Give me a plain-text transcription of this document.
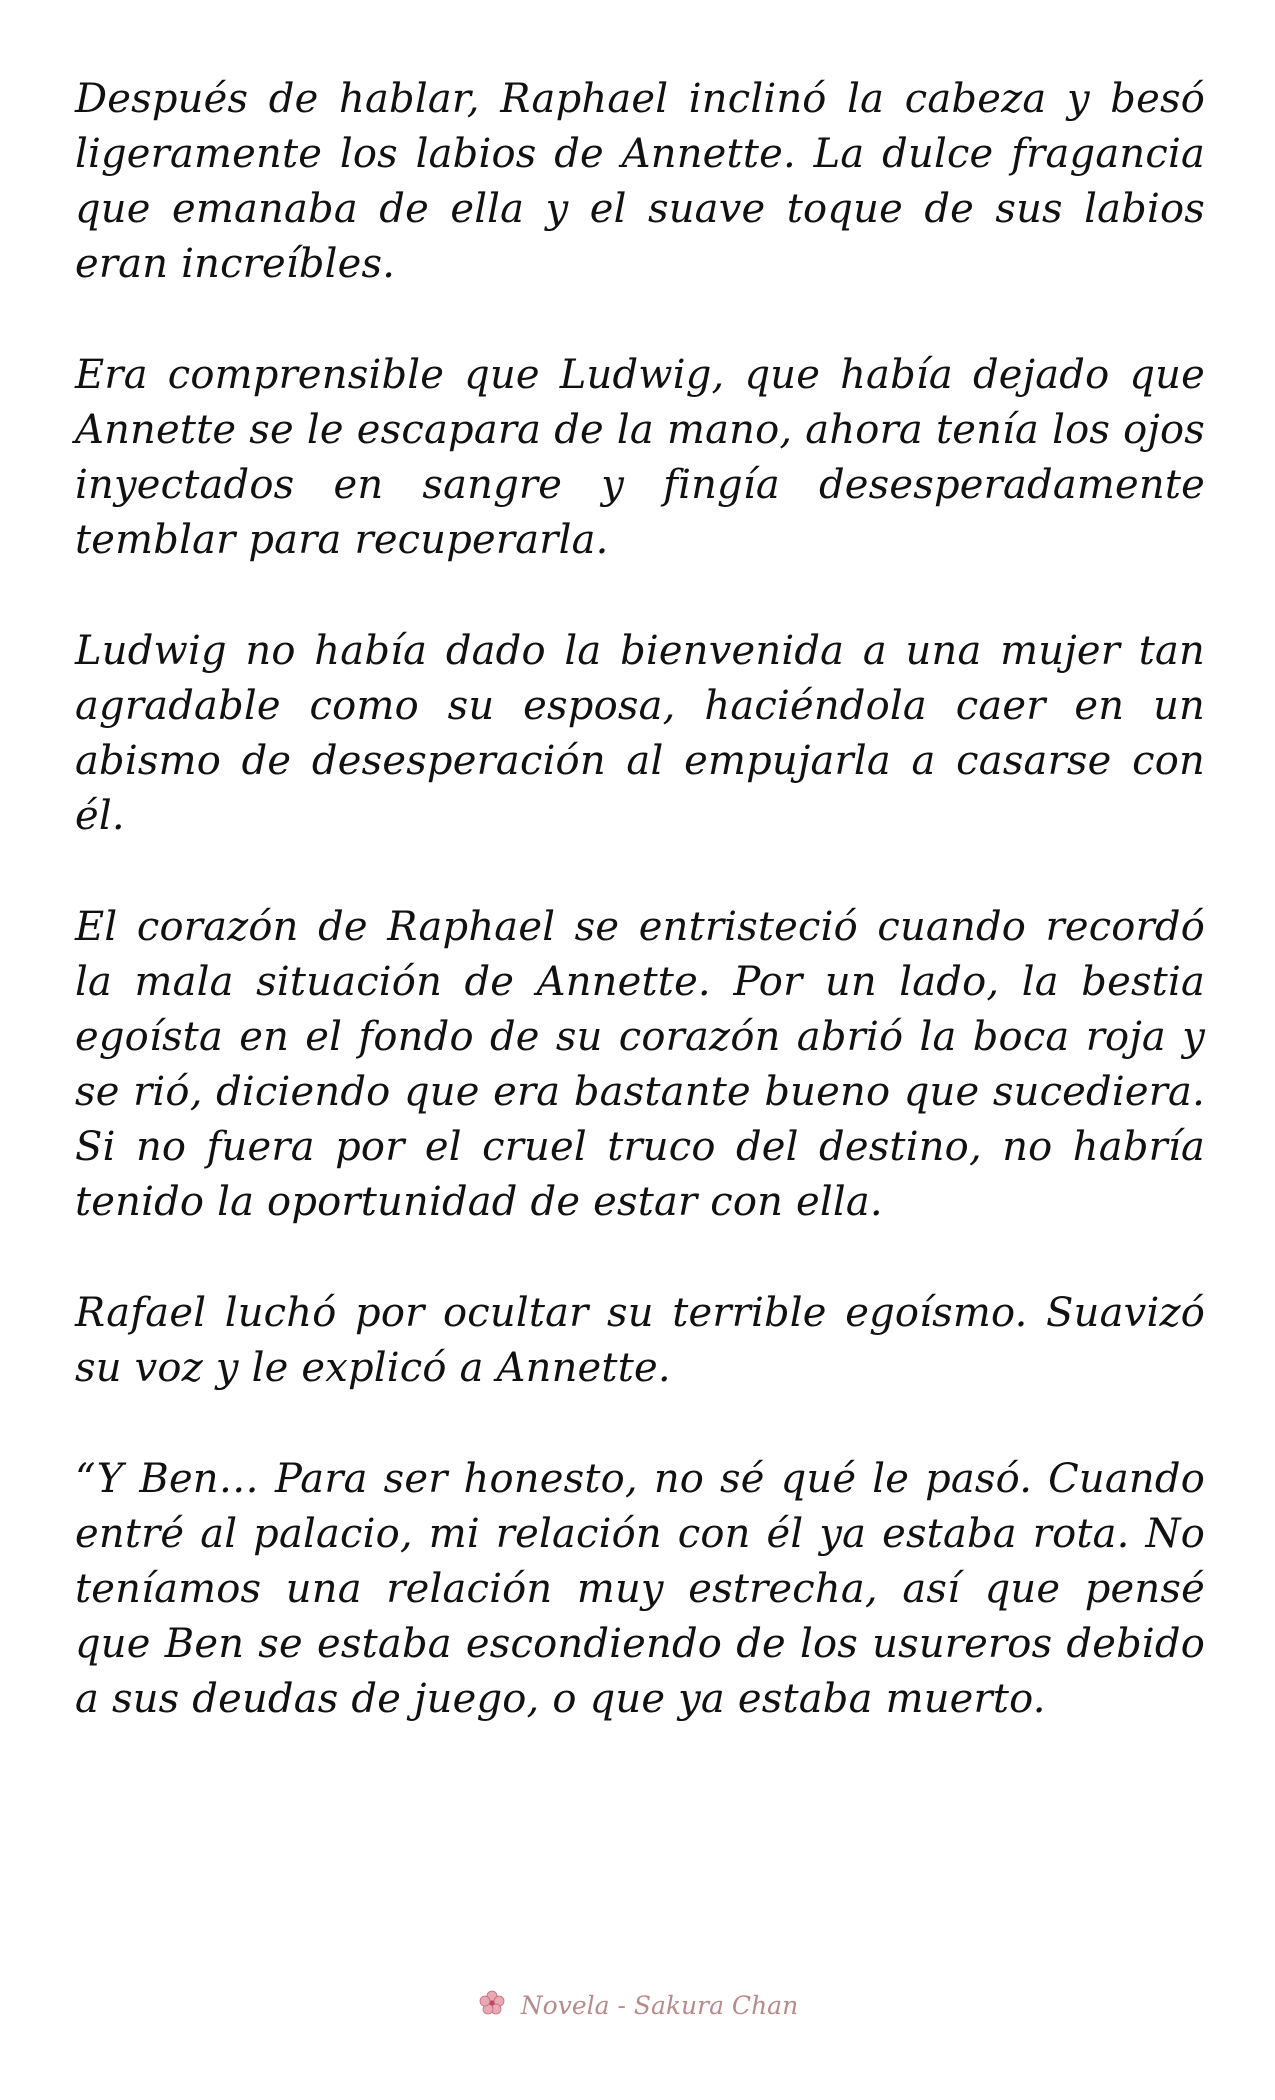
Después de hablar, Raphael inclinó la cabeza y besó ligeramente los labios de Annette. La dulce fragancia que emanaba de ella y el suave toque de sus labios eran increíbles.

Era comprensible que Ludwig, que había dejado que Annette se le escapara de la mano, ahora tenía los ojos inyectados en sangre y fingía desesperadamente temblar para recuperarla.

Ludwig no había dado la bienvenida a una mujer tan agradable como su esposa, haciéndola caer en un abismo de desesperación al empujarla a casarse con él.

El corazón de Raphael se entristeció cuando recordó la mala situación de Annette. Por un lado, la bestia egoísta en el fondo de su corazón abrió la boca roja y se rió, diciendo que era bastante bueno que sucediera. Si no fuera por el cruel truco del destino, no habría tenido la oportunidad de estar con ella.

Rafael luchó por ocultar su terrible egoísmo. Suavizó su voz y le explicó a Annette.

“Y Ben… Para ser honesto, no sé qué le pasó. Cuando entré al palacio, mi relación con él ya estaba rota. No teníamos una relación muy estrecha, así que pensé que Ben se estaba escondiendo de los usureros debido a sus deudas de juego, o que ya estaba muerto.

Novela - Sakura Chan
